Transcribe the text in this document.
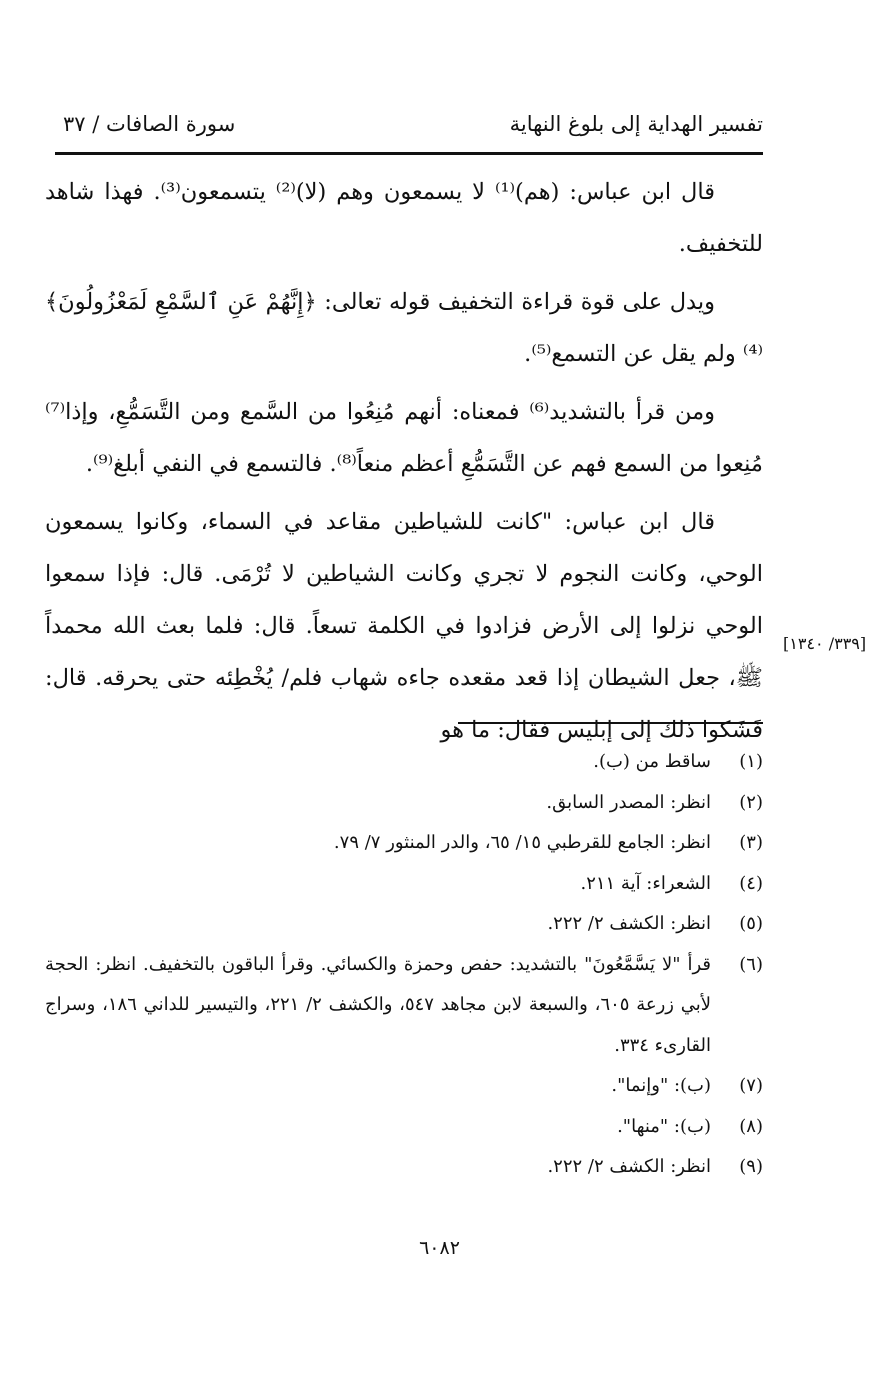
تفسير الهداية إلى بلوغ النهاية
سورة الصافات / ٣٧

قال ابن عباس: (هم)⁽¹⁾ لا يسمعون وهم (لا)⁽²⁾ يتسمعون⁽³⁾. فهذا شاهد للتخفيف.

ويدل على قوة قراءة التخفيف قوله تعالى: ﴿إِنَّهُمْ عَنِ ٱلسَّمْعِ لَمَعْزُولُونَ﴾⁽⁴⁾ ولم يقل عن التسمع⁽⁵⁾.

ومن قرأ بالتشديد⁽⁶⁾ فمعناه: أنهم مُنِعُوا من السَّمع ومن التَّسَمُّعِ، وإذا⁽⁷⁾ مُنِعوا من السمع فهم عن التَّسَمُّعِ أعظم منعاً⁽⁸⁾. فالتسمع في النفي أبلغ⁽⁹⁾.

قال ابن عباس: "كانت للشياطين مقاعد في السماء، وكانوا يسمعون الوحي، وكانت النجوم لا تجري وكانت الشياطين لا تُرْمَى. قال: فإذا سمعوا الوحي نزلوا إلى الأرض فزادوا في الكلمة تسعاً. قال: فلما بعث الله محمداً ﷺ، جعل الشيطان إذا قعد مقعده جاءه شهاب فلم/ يُخْطِئه حتى يحرقه. قال: فَشَكوا ذلك إلى إبليس فقال: ما هو

[٣٣٩/ ١٣٤٠]
(١)
ساقط من (ب).
(٢)
انظر: المصدر السابق.
(٣)
انظر: الجامع للقرطبي ١٥/ ٦٥، والدر المنثور ٧/ ٧٩.
(٤)
الشعراء: آية ٢١١.
(٥)
انظر: الكشف ٢/ ٢٢٢.
(٦)
قرأ "لا يَسَّمَّعُونَ" بالتشديد: حفص وحمزة والكسائي. وقرأ الباقون بالتخفيف. انظر: الحجة لأبي زرعة ٦٠٥، والسبعة لابن مجاهد ٥٤٧، والكشف ٢/ ٢٢١، والتيسير للداني ١٨٦، وسراج القارىء ٣٣٤.
(٧)
(ب): "وإنما".
(٨)
(ب): "منها".
(٩)
انظر: الكشف ٢/ ٢٢٢.
٦٠٨٢
